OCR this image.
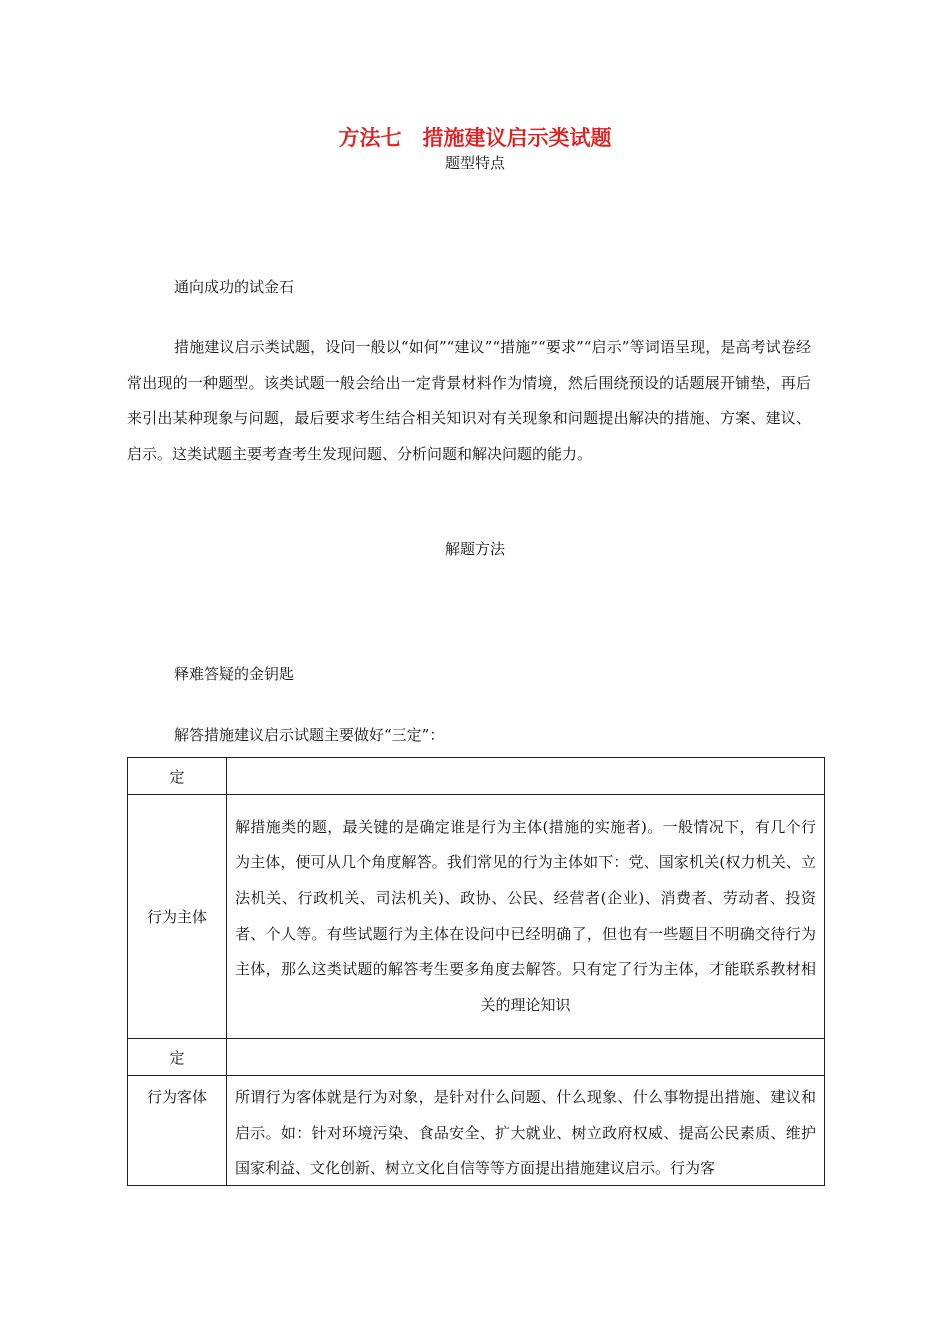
方法七　措施建议启示类试题

题型特点

通向成功的试金石

措施建议启示类试题，设问一般以“如何”“建议”“措施”“要求”“启示”等词语呈现，是高考试卷经常出现的一种题型。该类试题一般会给出一定背景材料作为情境，然后围绕预设的话题展开铺垫，再后来引出某种现象与问题，最后要求考生结合相关知识对有关现象和问题提出解决的措施、方案、建议、启示。这类试题主要考查考生发现问题、分析问题和解决问题的能力。

解题方法

释难答疑的金钥匙

解答措施建议启示试题主要做好“三定”：

定	

行为主体	解措施类的题，最关键的是确定谁是行为主体(措施的实施者)。一般情况下，有几个行为主体，便可从几个角度解答。我们常见的行为主体如下：党、国家机关(权力机关、立法机关、行政机关、司法机关)、政协、公民、经营者(企业)、消费者、劳动者、投资者、个人等。有些试题行为主体在设问中已经明确了，但也有一些题目不明确交待行为主体，那么这类试题的解答考生要多角度去解答。只有定了行为主体，才能联系教材相关的理论知识

定	

行为客体	所谓行为客体就是行为对象，是针对什么问题、什么现象、什么事物提出措施、建议和启示。如：针对环境污染、食品安全、扩大就业、树立政府权威、提高公民素质、维护国家利益、文化创新、树立文化自信等等方面提出措施建议启示。行为客
